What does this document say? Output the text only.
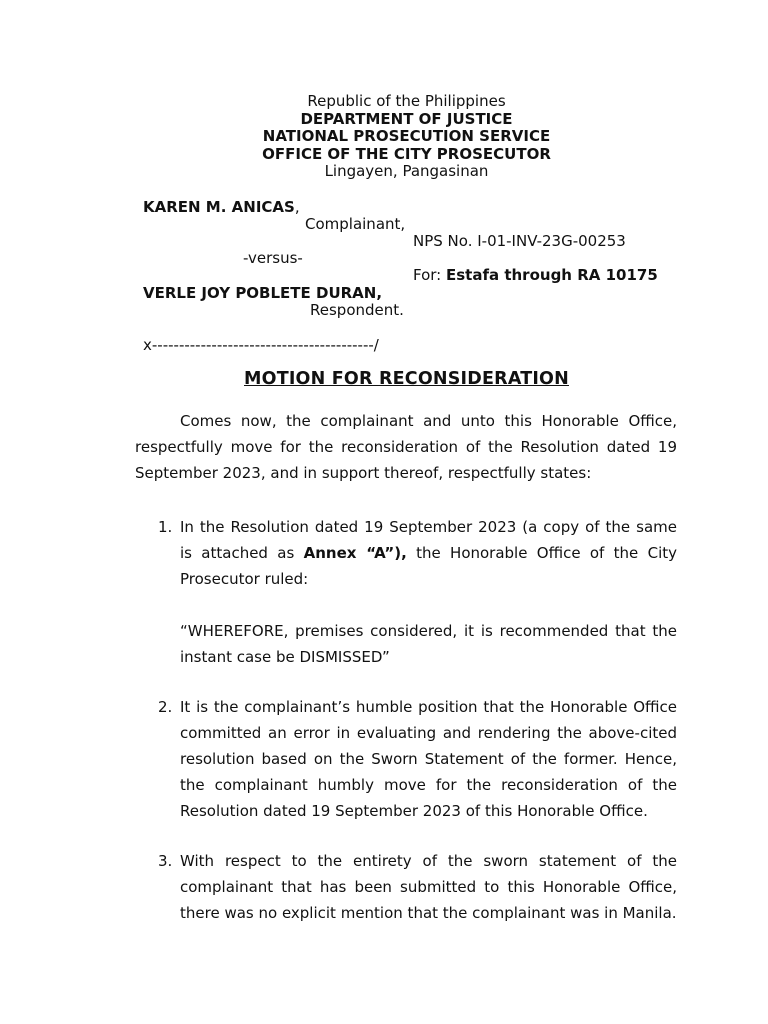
Republic of the Philippines
DEPARTMENT OF JUSTICE
NATIONAL PROSECUTION SERVICE
OFFICE OF THE CITY PROSECUTOR
Lingayen, Pangasinan
KAREN M. ANICAS,
Complainant,
NPS No. I-01-INV-23G-00253
-versus-
For: Estafa through RA 10175
VERLE JOY POBLETE DURAN,
Respondent.
x-----------------------------------------/
MOTION FOR RECONSIDERATION
Comes now, the complainant and unto this Honorable Office, respectfully move for the reconsideration of the Resolution dated 19 September 2023, and in support thereof, respectfully states:
1. In the Resolution dated 19 September 2023 (a copy of the same is attached as Annex “A”), the Honorable Office of the City Prosecutor ruled:
“WHEREFORE, premises considered, it is recommended that the instant case be DISMISSED”
2. It is the complainant’s humble position that the Honorable Office committed an error in evaluating and rendering the above-cited resolution based on the Sworn Statement of the former. Hence, the complainant humbly move for the reconsideration of the Resolution dated 19 September 2023 of this Honorable Office.
3. With respect to the entirety of the sworn statement of the complainant that has been submitted to this Honorable Office, there was no explicit mention that the complainant was in Manila.
